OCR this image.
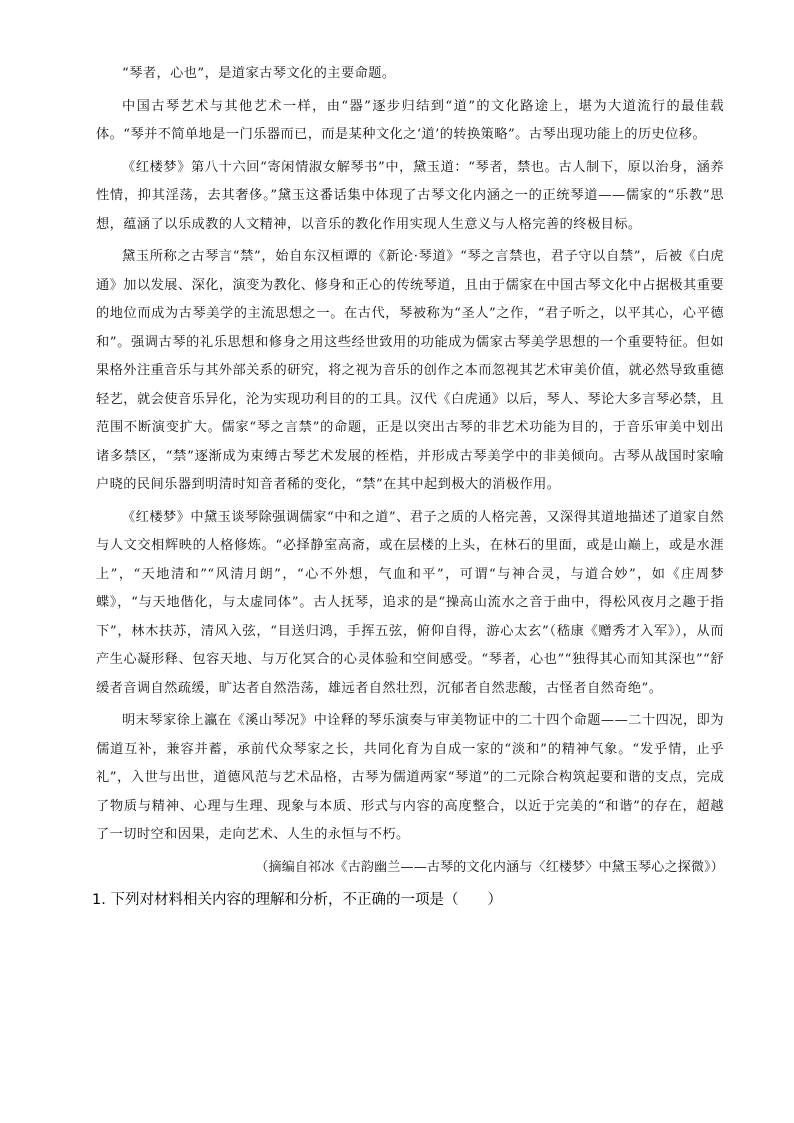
“琴者，心也”，是道家古琴文化的主要命题。

中国古琴艺术与其他艺术一样，由“器”逐步归结到“道”的文化路途上，堪为大道流行的最佳载体。“琴并不简单地是一门乐器而已，而是某种文化之‘道’的转换策略”。古琴出现功能上的历史位移。

《红楼梦》第八十六回“寄闲情淑女解琴书”中，黛玉道：“琴者，禁也。古人制下，原以治身，涵养性情，抑其淫荡，去其奢侈。”黛玉这番话集中体现了古琴文化内涵之一的正统琴道——儒家的“乐教”思想，蕴涵了以乐成教的人文精神，以音乐的教化作用实现人生意义与人格完善的终极目标。

黛玉所称之古琴言“禁”，始自东汉桓谭的《新论·琴道》“琴之言禁也，君子守以自禁”，后被《白虎通》加以发展、深化，演变为教化、修身和正心的传统琴道，且由于儒家在中国古琴文化中占据极其重要的地位而成为古琴美学的主流思想之一。在古代，琴被称为“圣人”之作，“君子听之，以平其心，心平德和”。强调古琴的礼乐思想和修身之用这些经世致用的功能成为儒家古琴美学思想的一个重要特征。但如果格外注重音乐与其外部关系的研究，将之视为音乐的创作之本而忽视其艺术审美价值，就必然导致重德轻艺，就会使音乐异化，沦为实现功利目的的工具。汉代《白虎通》以后，琴人、琴论大多言琴必禁，且范围不断演变扩大。儒家“琴之言禁”的命题，正是以突出古琴的非艺术功能为目的，于音乐审美中划出诸多禁区，“禁”逐渐成为束缚古琴艺术发展的桎梏，并形成古琴美学中的非美倾向。古琴从战国时家喻户晓的民间乐器到明清时知音者稀的变化，“禁”在其中起到极大的消极作用。

《红楼梦》中黛玉谈琴除强调儒家“中和之道”、君子之质的人格完善，又深得其道地描述了道家自然与人文交相辉映的人格修炼。“必择静室高斋，或在层楼的上头，在林石的里面，或是山巅上，或是水涯上”，“天地清和”“风清月朗”，“心不外想，气血和平”，可谓“与神合灵，与道合妙”，如《庄周梦蝶》，“与天地偕化，与太虚同体”。古人抚琴，追求的是“操高山流水之音于曲中，得松风夜月之趣于指下”，林木扶苏，清风入弦，“目送归鸿，手挥五弦，俯仰自得，游心太玄”（嵇康《赠秀才入军》），从而产生心凝形释、包容天地、与万化冥合的心灵体验和空间感受。“琴者，心也”“独得其心而知其深也”“舒缓者音调自然疏缓，旷达者自然浩荡，雄远者自然壮烈，沉郁者自然悲酸，古怪者自然奇绝”。

明末琴家徐上瀛在《溪山琴况》中诠释的琴乐演奏与审美物证中的二十四个命题——二十四况，即为儒道互补，兼容并蓄，承前代众琴家之长，共同化育为自成一家的“淡和”的精神气象。“发乎情，止乎礼”，入世与出世，道德风范与艺术品格，古琴为儒道两家“琴道”的二元除合构筑起要和谐的支点，完成了物质与精神、心理与生理、现象与本质、形式与内容的高度整合，以近于完美的“和谐”的存在，超越了一切时空和因果，走向艺术、人生的永恒与不朽。

（摘编自祁冰《古韵幽兰——古琴的文化内涵与〈红楼梦〉中黛玉琴心之探微》）

1. 下列对材料相关内容的理解和分析，不正确的一项是（　　）
